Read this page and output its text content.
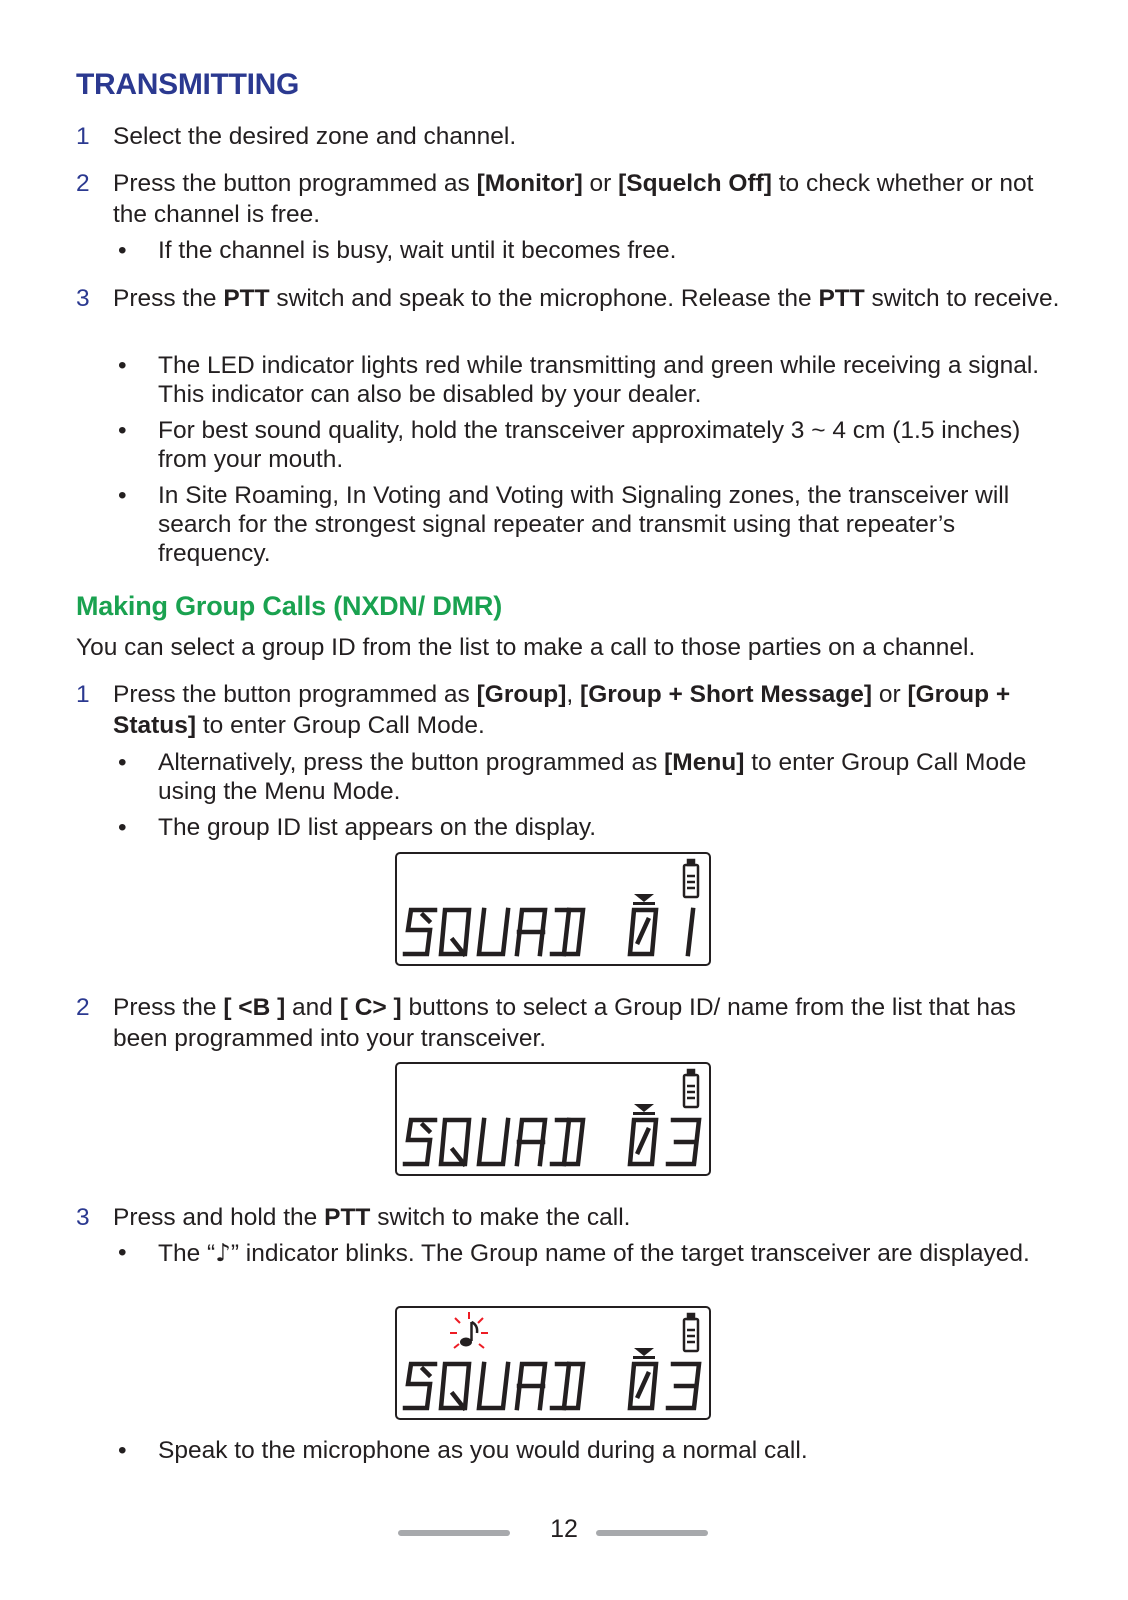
TRANSMITTING
1 Select the desired zone and channel.
2 Press the button programmed as [Monitor] or [Squelch Off] to check whether or not the channel is free.
• If the channel is busy, wait until it becomes free.
3 Press the PTT switch and speak to the microphone. Release the PTT switch to receive.
• The LED indicator lights red while transmitting and green while receiving a signal. This indicator can also be disabled by your dealer.
• For best sound quality, hold the transceiver approximately 3 ~ 4 cm (1.5 inches) from your mouth.
• In Site Roaming, In Voting and Voting with Signaling zones, the transceiver will search for the strongest signal repeater and transmit using that repeater’s frequency.
Making Group Calls (NXDN/ DMR)

You can select a group ID from the list to make a call to those parties on a channel.

1 Press the button programmed as [Group], [Group + Short Message] or [Group + Status] to enter Group Call Mode.
• Alternatively, press the button programmed as [Menu] to enter Group Call Mode using the Menu Mode.
• The group ID list appears on the display.
2 Press the [ <B ] and [ C> ] buttons to select a Group ID/ name from the list that has been programmed into your transceiver.
3 Press and hold the PTT switch to make the call.
• The “♪” indicator blinks. The Group name of the target transceiver are displayed.
• Speak to the microphone as you would during a normal call.
12
